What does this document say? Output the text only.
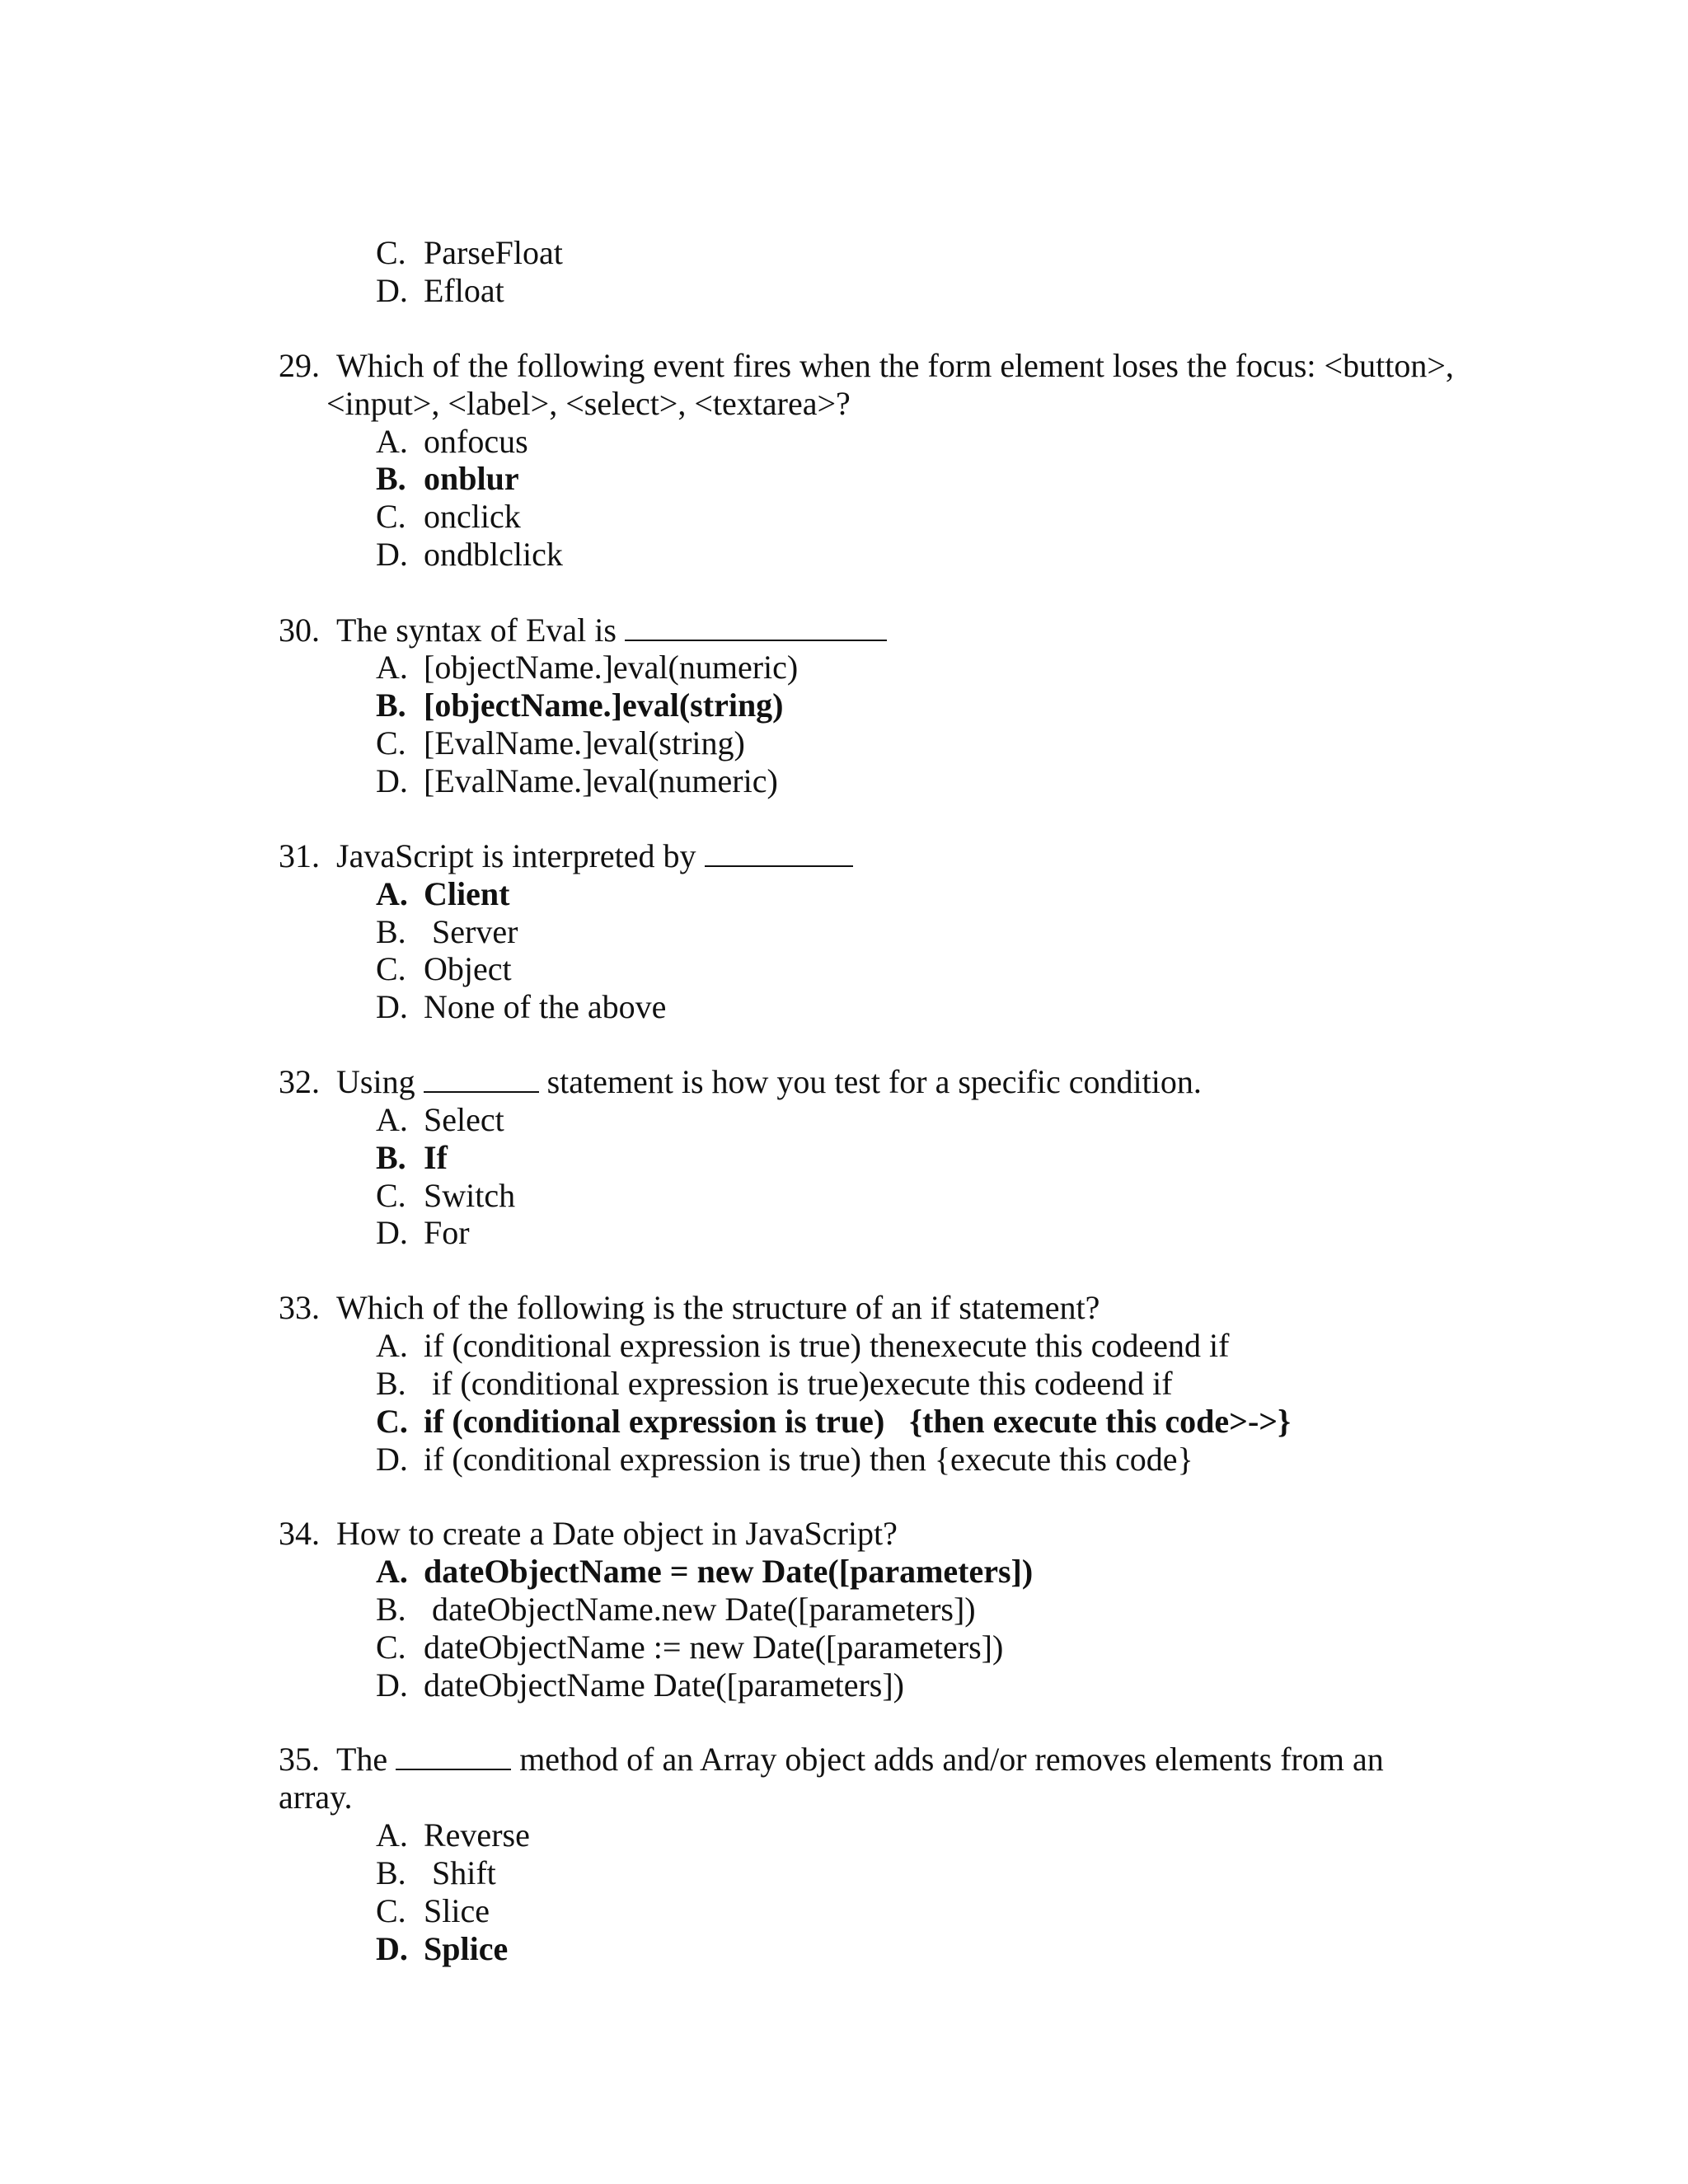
C. ParseFloat

D. Efloat

29. Which of the following event fires when the form element loses the focus: <button>,

<input>, <label>, <select>, <textarea>?

A. onfocus

B. onblur

C. onclick

D. ondblclick

30. The syntax of Eval is

A. [objectName.]eval(numeric)

B. [objectName.]eval(string)

C. [EvalName.]eval(string)

D. [EvalName.]eval(numeric)

31. JavaScript is interpreted by

A. Client

B. Server

C. Object

D. None of the above

32. Using	statement is how you test for a specific condition.

A. Select

B. If

C. Switch

D. For

33. Which of the following is the structure of an if statement?

A. if (conditional expression is true) thenexecute this codeend if

B. if (conditional expression is true)execute this codeend if

C. if (conditional expression is true)   {then execute this code>->}

D. if (conditional expression is true) then {execute this code}

34. How to create a Date object in JavaScript?

A. dateObjectName = new Date([parameters])

B. dateObjectName.new Date([parameters])

C. dateObjectName := new Date([parameters])

D. dateObjectName Date([parameters])

35. The	method of an Array object adds and/or removes elements from an

array.

A. Reverse

B. Shift

C. Slice

D. Splice
